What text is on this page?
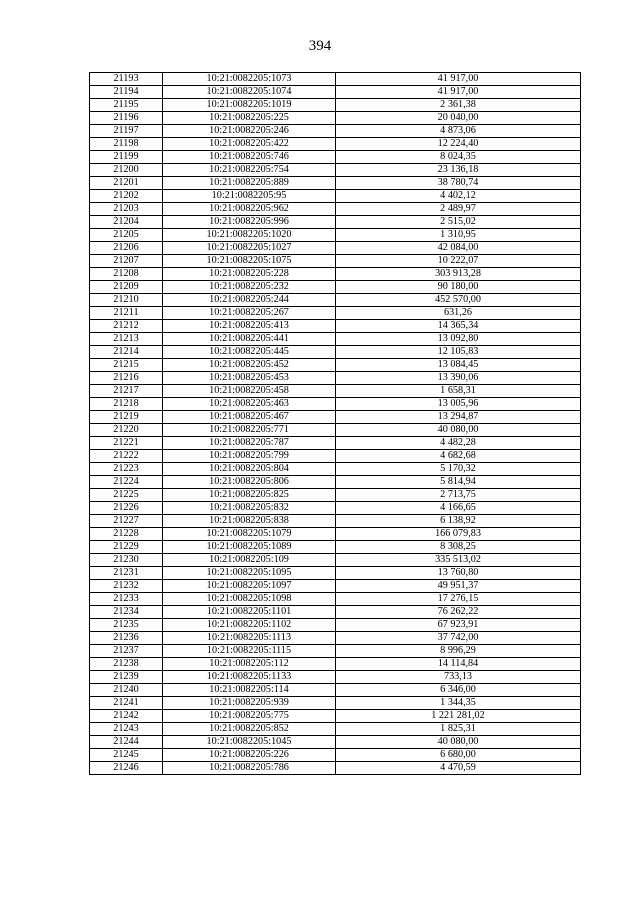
394
21193	10:21:0082205:1073	41 917,00
21194	10:21:0082205:1074	41 917,00
21195	10:21:0082205:1019	2 361,38
21196	10:21:0082205:225	20 040,00
21197	10:21:0082205:246	4 873,06
21198	10:21:0082205:422	12 224,40
21199	10:21:0082205:746	8 024,35
21200	10:21:0082205:754	23 136,18
21201	10:21:0082205:889	38 780,74
21202	10:21:0082205:95	4 402,12
21203	10:21:0082205:962	2 489,97
21204	10:21:0082205:996	2 515,02
21205	10:21:0082205:1020	1 310,95
21206	10:21:0082205:1027	42 084,00
21207	10:21:0082205:1075	10 222,07
21208	10:21:0082205:228	303 913,28
21209	10:21:0082205:232	90 180,00
21210	10:21:0082205:244	452 570,00
21211	10:21:0082205:267	631,26
21212	10:21:0082205:413	14 365,34
21213	10:21:0082205:441	13 092,80
21214	10:21:0082205:445	12 105,83
21215	10:21:0082205:452	13 084,45
21216	10:21:0082205:453	13 390,06
21217	10:21:0082205:458	1 658,31
21218	10:21:0082205:463	13 005,96
21219	10:21:0082205:467	13 294,87
21220	10:21:0082205:771	40 080,00
21221	10:21:0082205:787	4 482,28
21222	10:21:0082205:799	4 682,68
21223	10:21:0082205:804	5 170,32
21224	10:21:0082205:806	5 814,94
21225	10:21:0082205:825	2 713,75
21226	10:21:0082205:832	4 166,65
21227	10:21:0082205:838	6 138,92
21228	10:21:0082205:1079	166 079,83
21229	10:21:0082205:1089	8 308,25
21230	10:21:0082205:109	335 513,02
21231	10:21:0082205:1095	13 760,80
21232	10:21:0082205:1097	49 951,37
21233	10:21:0082205:1098	17 276,15
21234	10:21:0082205:1101	76 262,22
21235	10:21:0082205:1102	67 923,91
21236	10:21:0082205:1113	37 742,00
21237	10:21:0082205:1115	8 996,29
21238	10:21:0082205:112	14 114,84
21239	10:21:0082205:1133	733,13
21240	10:21:0082205:114	6 346,00
21241	10:21:0082205:939	1 344,35
21242	10:21:0082205:775	1 221 281,02
21243	10:21:0082205:852	1 825,31
21244	10:21:0082205:1045	40 080,00
21245	10:21:0082205:226	6 680,00
21246	10:21:0082205:786	4 470,59
